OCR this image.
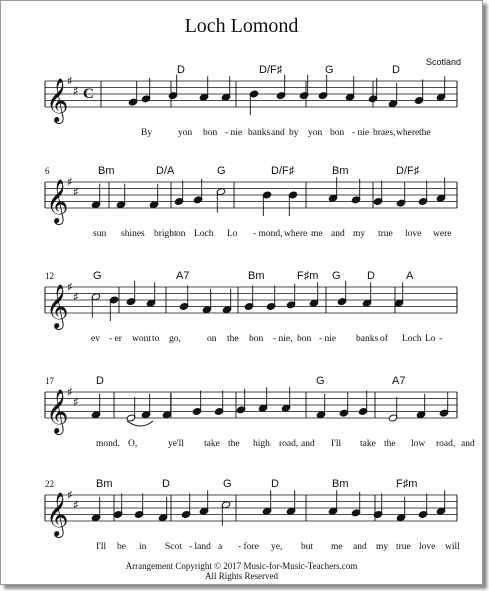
Loch Lomond
Scotland
Arrangement Copyright © 2017 Music-for-Music-Teachers.com
All Rights Reserved
𝄞
♯
♯ C
D	D/F♯	G	D
By	yon bon - nie banks and by yon bon - nie braes, where the
𝄞
♯
♯
6	Bm	D/A	G	D/F♯	Bm	D/F♯
sun shines bright on Loch Lo - mond, where me and my true love were
𝄞
♯
♯
12	G	A7	Bm	F♯m G D	A
ev - er wont to go,	on the bon - nie, bon - nie banks of Loch Lo -
𝄞
♯
♯
17	D	G	A7
mond. O,	ye'll take the high road, and I'll take the low road, and
𝄞
♯
♯
22	Bm	D	G	D	Bm	F♯m
I'll be in Scot - land a - fore ye, but me and my true love will
